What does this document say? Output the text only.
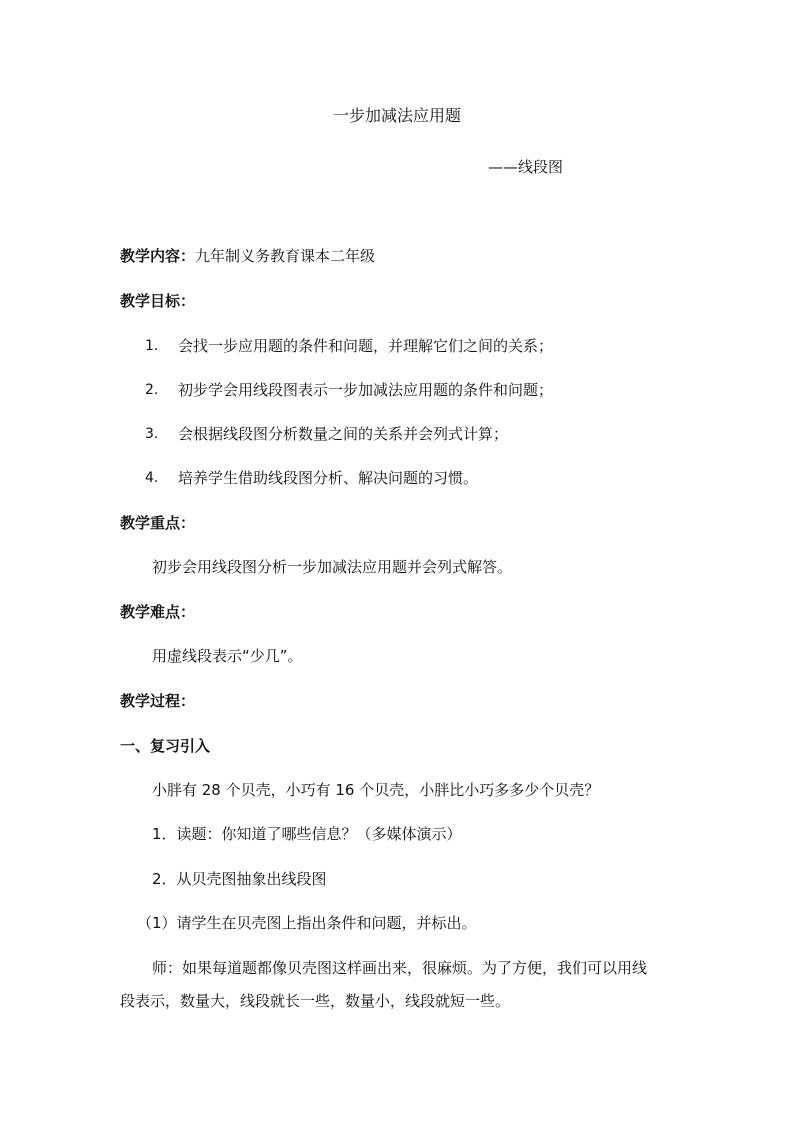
一步加减法应用题
——线段图
教学内容：九年制义务教育课本二年级
教学目标：
1. 会找一步应用题的条件和问题，并理解它们之间的关系；
2. 初步学会用线段图表示一步加减法应用题的条件和问题；
3. 会根据线段图分析数量之间的关系并会列式计算；
4. 培养学生借助线段图分析、解决问题的习惯。
教学重点：
初步会用线段图分析一步加减法应用题并会列式解答。
教学难点：
用虚线段表示“少几”。
教学过程：
一、复习引入
小胖有 28 个贝壳，小巧有 16 个贝壳，小胖比小巧多多少个贝壳？
1．读题：你知道了哪些信息？（多媒体演示）
2．从贝壳图抽象出线段图
（1）请学生在贝壳图上指出条件和问题，并标出。
师：如果每道题都像贝壳图这样画出来，很麻烦。为了方便，我们可以用线
段表示，数量大，线段就长一些，数量小，线段就短一些。
